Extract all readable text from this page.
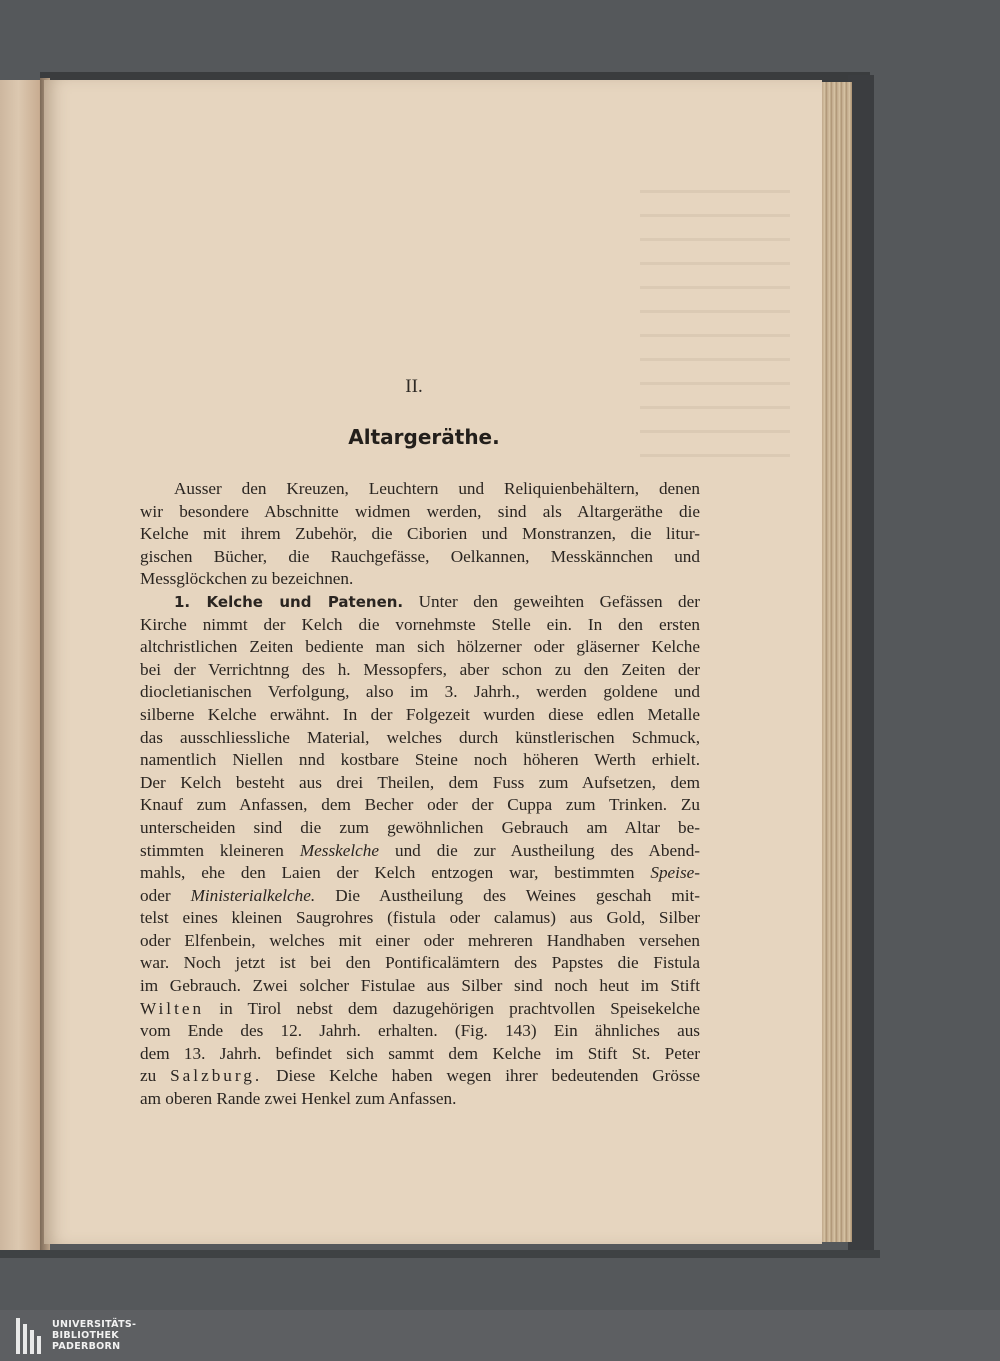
II.
Altargeräthe.
Ausser den Kreuzen, Leuchtern und Reliquienbehältern, denen
wir besondere Abschnitte widmen werden, sind als Altargeräthe die
Kelche mit ihrem Zubehör, die Ciborien und Monstranzen, die litur-
gischen Bücher, die Rauchgefässe, Oelkannen, Messkännchen und
Messglöckchen zu bezeichnen.
1. Kelche und Patenen. Unter den geweihten Gefässen der
Kirche nimmt der Kelch die vornehmste Stelle ein. In den ersten
altchristlichen Zeiten bediente man sich hölzerner oder gläserner Kelche
bei der Verrichtnng des h. Messopfers, aber schon zu den Zeiten der
diocletianischen Verfolgung, also im 3. Jahrh., werden goldene und
silberne Kelche erwähnt. In der Folgezeit wurden diese edlen Metalle
das ausschliessliche Material, welches durch künstlerischen Schmuck,
namentlich Niellen nnd kostbare Steine noch höheren Werth erhielt.
Der Kelch besteht aus drei Theilen, dem Fuss zum Aufsetzen, dem
Knauf zum Anfassen, dem Becher oder der Cuppa zum Trinken. Zu
unterscheiden sind die zum gewöhnlichen Gebrauch am Altar be-
stimmten kleineren Messkelche und die zur Austheilung des Abend-
mahls, ehe den Laien der Kelch entzogen war, bestimmten Speise-
oder Ministerialkelche. Die Austheilung des Weines geschah mit-
telst eines kleinen Saugrohres (fistula oder calamus) aus Gold, Silber
oder Elfenbein, welches mit einer oder mehreren Handhaben versehen
war. Noch jetzt ist bei den Pontificalämtern des Papstes die Fistula
im Gebrauch. Zwei solcher Fistulae aus Silber sind noch heut im Stift
Wilten in Tirol nebst dem dazugehörigen prachtvollen Speisekelche
vom Ende des 12. Jahrh. erhalten. (Fig. 143) Ein ähnliches aus
dem 13. Jahrh. befindet sich sammt dem Kelche im Stift St. Peter
zu Salzburg. Diese Kelche haben wegen ihrer bedeutenden Grösse
am oberen Rande zwei Henkel zum Anfassen.
UNIVERSITÄTS-
BIBLIOTHEK
PADERBORN
